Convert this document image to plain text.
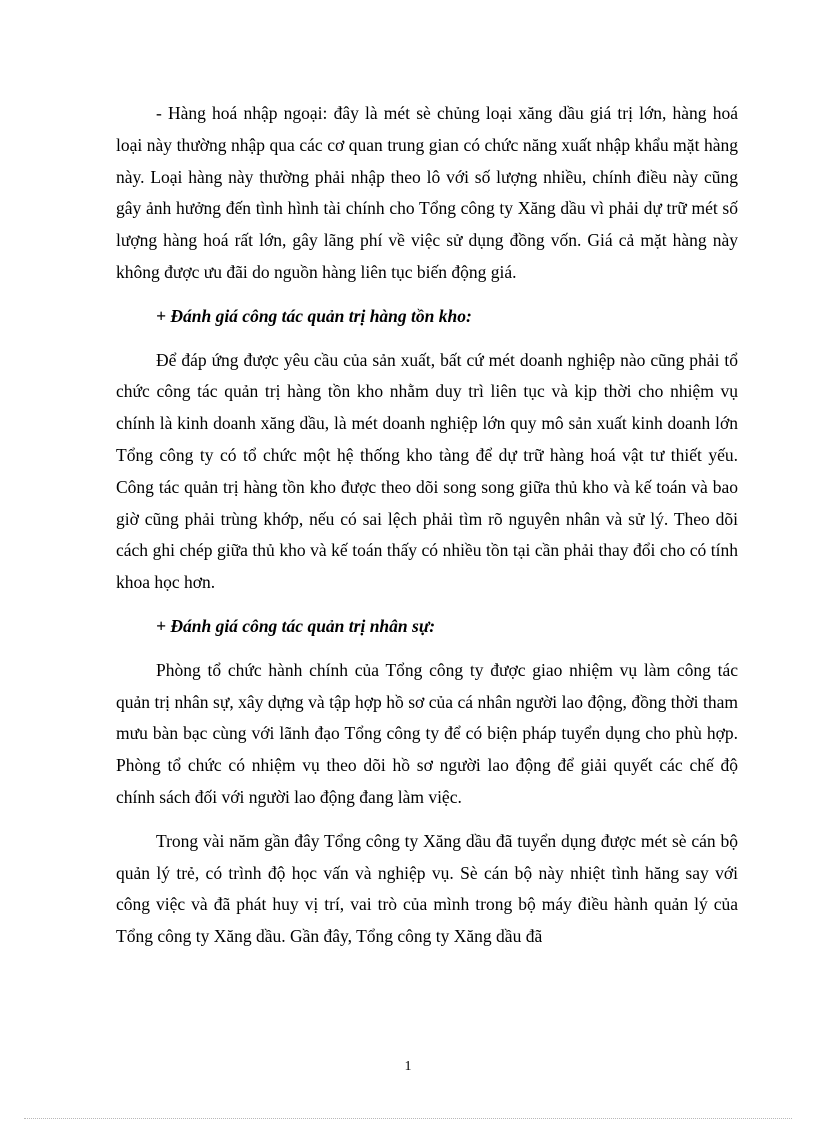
- Hàng hoá nhập ngoại: đây là mét sè chủng loại xăng dầu giá trị lớn, hàng hoá loại này thường nhập qua các cơ quan trung gian có chức năng xuất nhập khẩu mặt hàng này. Loại hàng này thường phải nhập theo lô với số lượng nhiều, chính điều này cũng gây ảnh hưởng đến tình hình tài chính cho Tổng công ty Xăng dầu vì phải dự trữ mét số lượng hàng hoá rất lớn, gây lãng phí về việc sử dụng đồng vốn. Giá cả mặt hàng này không được ưu đãi do nguồn hàng liên tục biến động giá.

+ Đánh giá công tác quản trị hàng tồn kho:

Để đáp ứng được yêu cầu của sản xuất, bất cứ mét doanh nghiệp nào cũng phải tổ chức công tác quản trị hàng tồn kho nhằm duy trì liên tục và kịp thời cho nhiệm vụ chính là kinh doanh xăng dầu, là mét doanh nghiệp lớn quy mô sản xuất kinh doanh lớn Tổng công ty có tổ chức một hệ thống kho tàng để dự trữ hàng hoá vật tư thiết yếu. Công tác quản trị hàng tồn kho được theo dõi song song giữa thủ kho và kế toán và bao giờ cũng phải trùng khớp, nếu có sai lệch phải tìm rõ nguyên nhân và sử lý. Theo dõi cách ghi chép giữa thủ kho và kế toán thấy có nhiều tồn tại cần phải thay đổi cho có tính khoa học hơn.

+ Đánh giá công tác quản trị nhân sự:

Phòng tổ chức hành chính của Tổng công ty được giao nhiệm vụ làm công tác quản trị nhân sự, xây dựng và tập hợp hồ sơ của cá nhân người lao động, đồng thời tham mưu bàn bạc cùng với lãnh đạo Tổng công ty để có biện pháp tuyển dụng cho phù hợp. Phòng tổ chức có nhiệm vụ theo dõi hồ sơ người lao động để giải quyết các chế độ chính sách đối với người lao động đang làm việc.

Trong vài năm gần đây Tổng công ty Xăng dầu đã tuyển dụng được mét sè cán bộ quản lý trẻ, có trình độ học vấn và nghiệp vụ. Sè cán bộ này nhiệt tình hăng say với công việc và đã phát huy vị trí, vai trò của mình trong bộ máy điều hành quản lý của Tổng công ty Xăng dầu. Gần đây, Tổng công ty Xăng dầu đã

1
